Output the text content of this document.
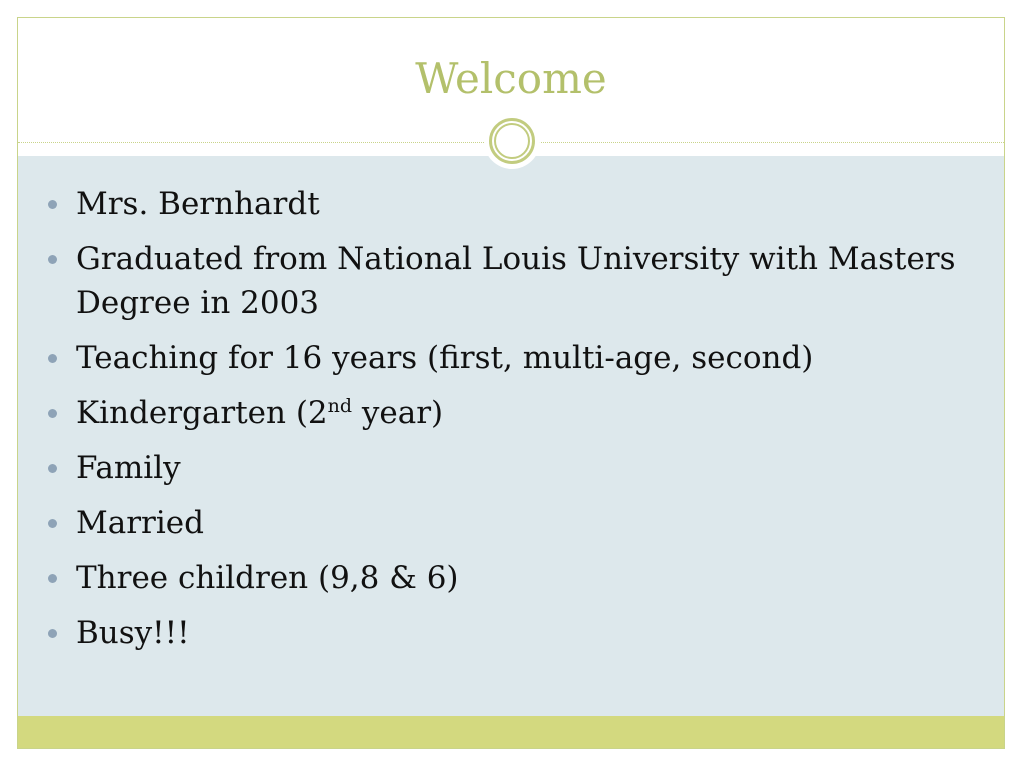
Welcome
Mrs. Bernhardt
Graduated from National Louis University with Masters Degree in 2003
Teaching for 16 years (first, multi-age, second)
Kindergarten (2nd year)
Family
Married
Three children (9,8 & 6)
Busy!!!
